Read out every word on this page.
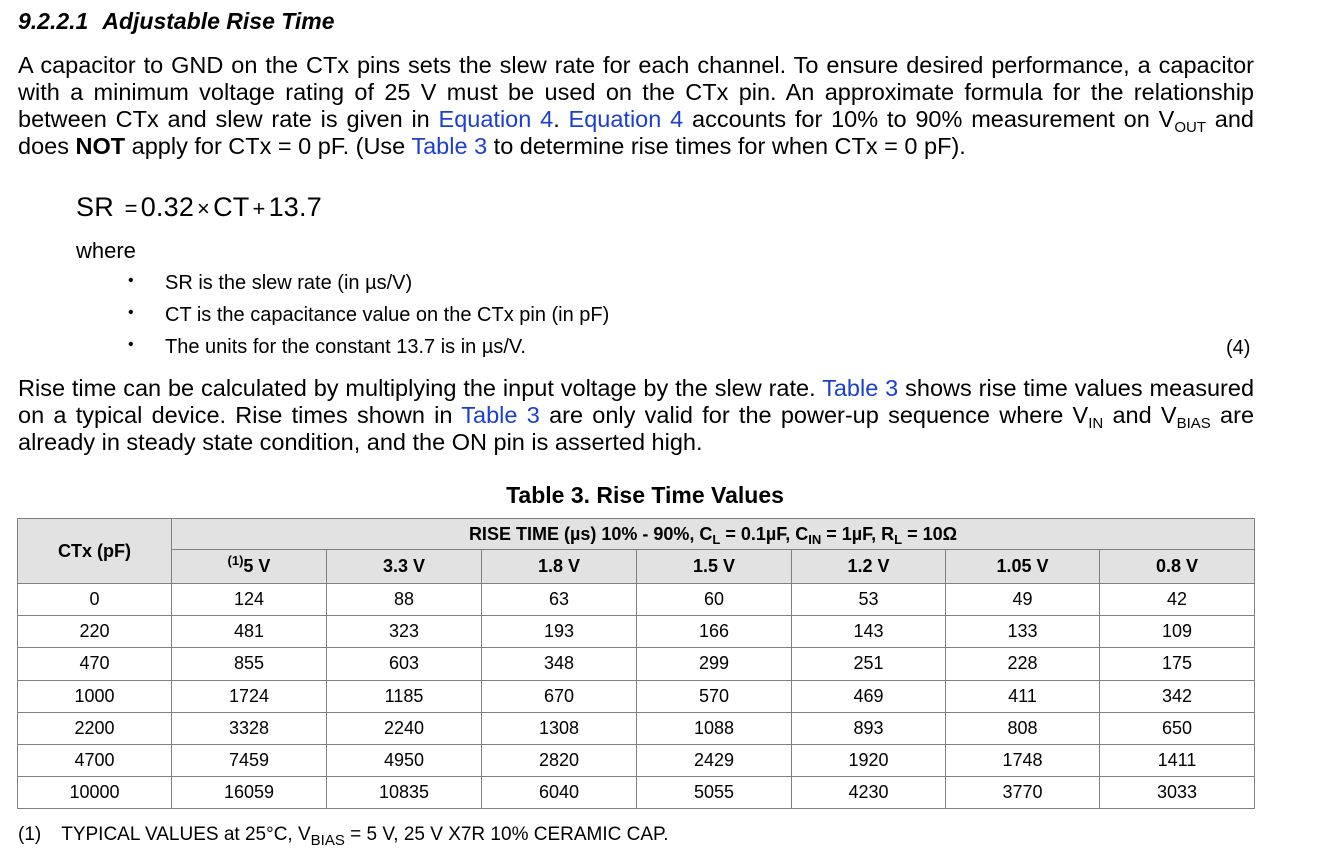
9.2.2.1 Adjustable Rise Time

A capacitor to GND on the CTx pins sets the slew rate for each channel. To ensure desired performance, a capacitor with a minimum voltage rating of 25 V must be used on the CTx pin. An approximate formula for the relationship between CTx and slew rate is given in Equation 4. Equation 4 accounts for 10% to 90% measurement on $V_{OUT}$ and does NOT apply for CTx = 0 pF. (Use Table 3 to determine rise times for when CTx = 0 pF).

SR = 0.32 × CT + 13.7
where
• SR is the slew rate (in µs/V)
• CT is the capacitance value on the CTx pin (in pF)
• The units for the constant 13.7 is in µs/V.	(4)

Rise time can be calculated by multiplying the input voltage by the slew rate. Table 3 shows rise time values measured on a typical device. Rise times shown in Table 3 are only valid for the power-up sequence where $V_{IN}$ and $V_{BIAS}$ are already in steady state condition, and the ON pin is asserted high.

Table 3. Rise Time Values
CTx (pF)	RISE TIME (µs) 10% - 90%, $C_L = 0.1\mu F$, $C_{IN} = 1\mu F$, $R_L = 10\Omega$						
	$^{(1)}$5 V	3.3 V	1.8 V	1.5 V	1.2 V	1.05 V	0.8 V
0	124	88	63	60	53	49	42
220	481	323	193	166	143	133	109
470	855	603	348	299	251	228	175
1000	1724	1185	670	570	469	411	342
2200	3328	2240	1308	1088	893	808	650
4700	7459	4950	2820	2429	1920	1748	1411
10000	16059	10835	6040	5055	4230	3770	3033
(1) TYPICAL VALUES at 25°C, $V_{BIAS} = 5$ V, 25 V X7R 10% CERAMIC CAP.
